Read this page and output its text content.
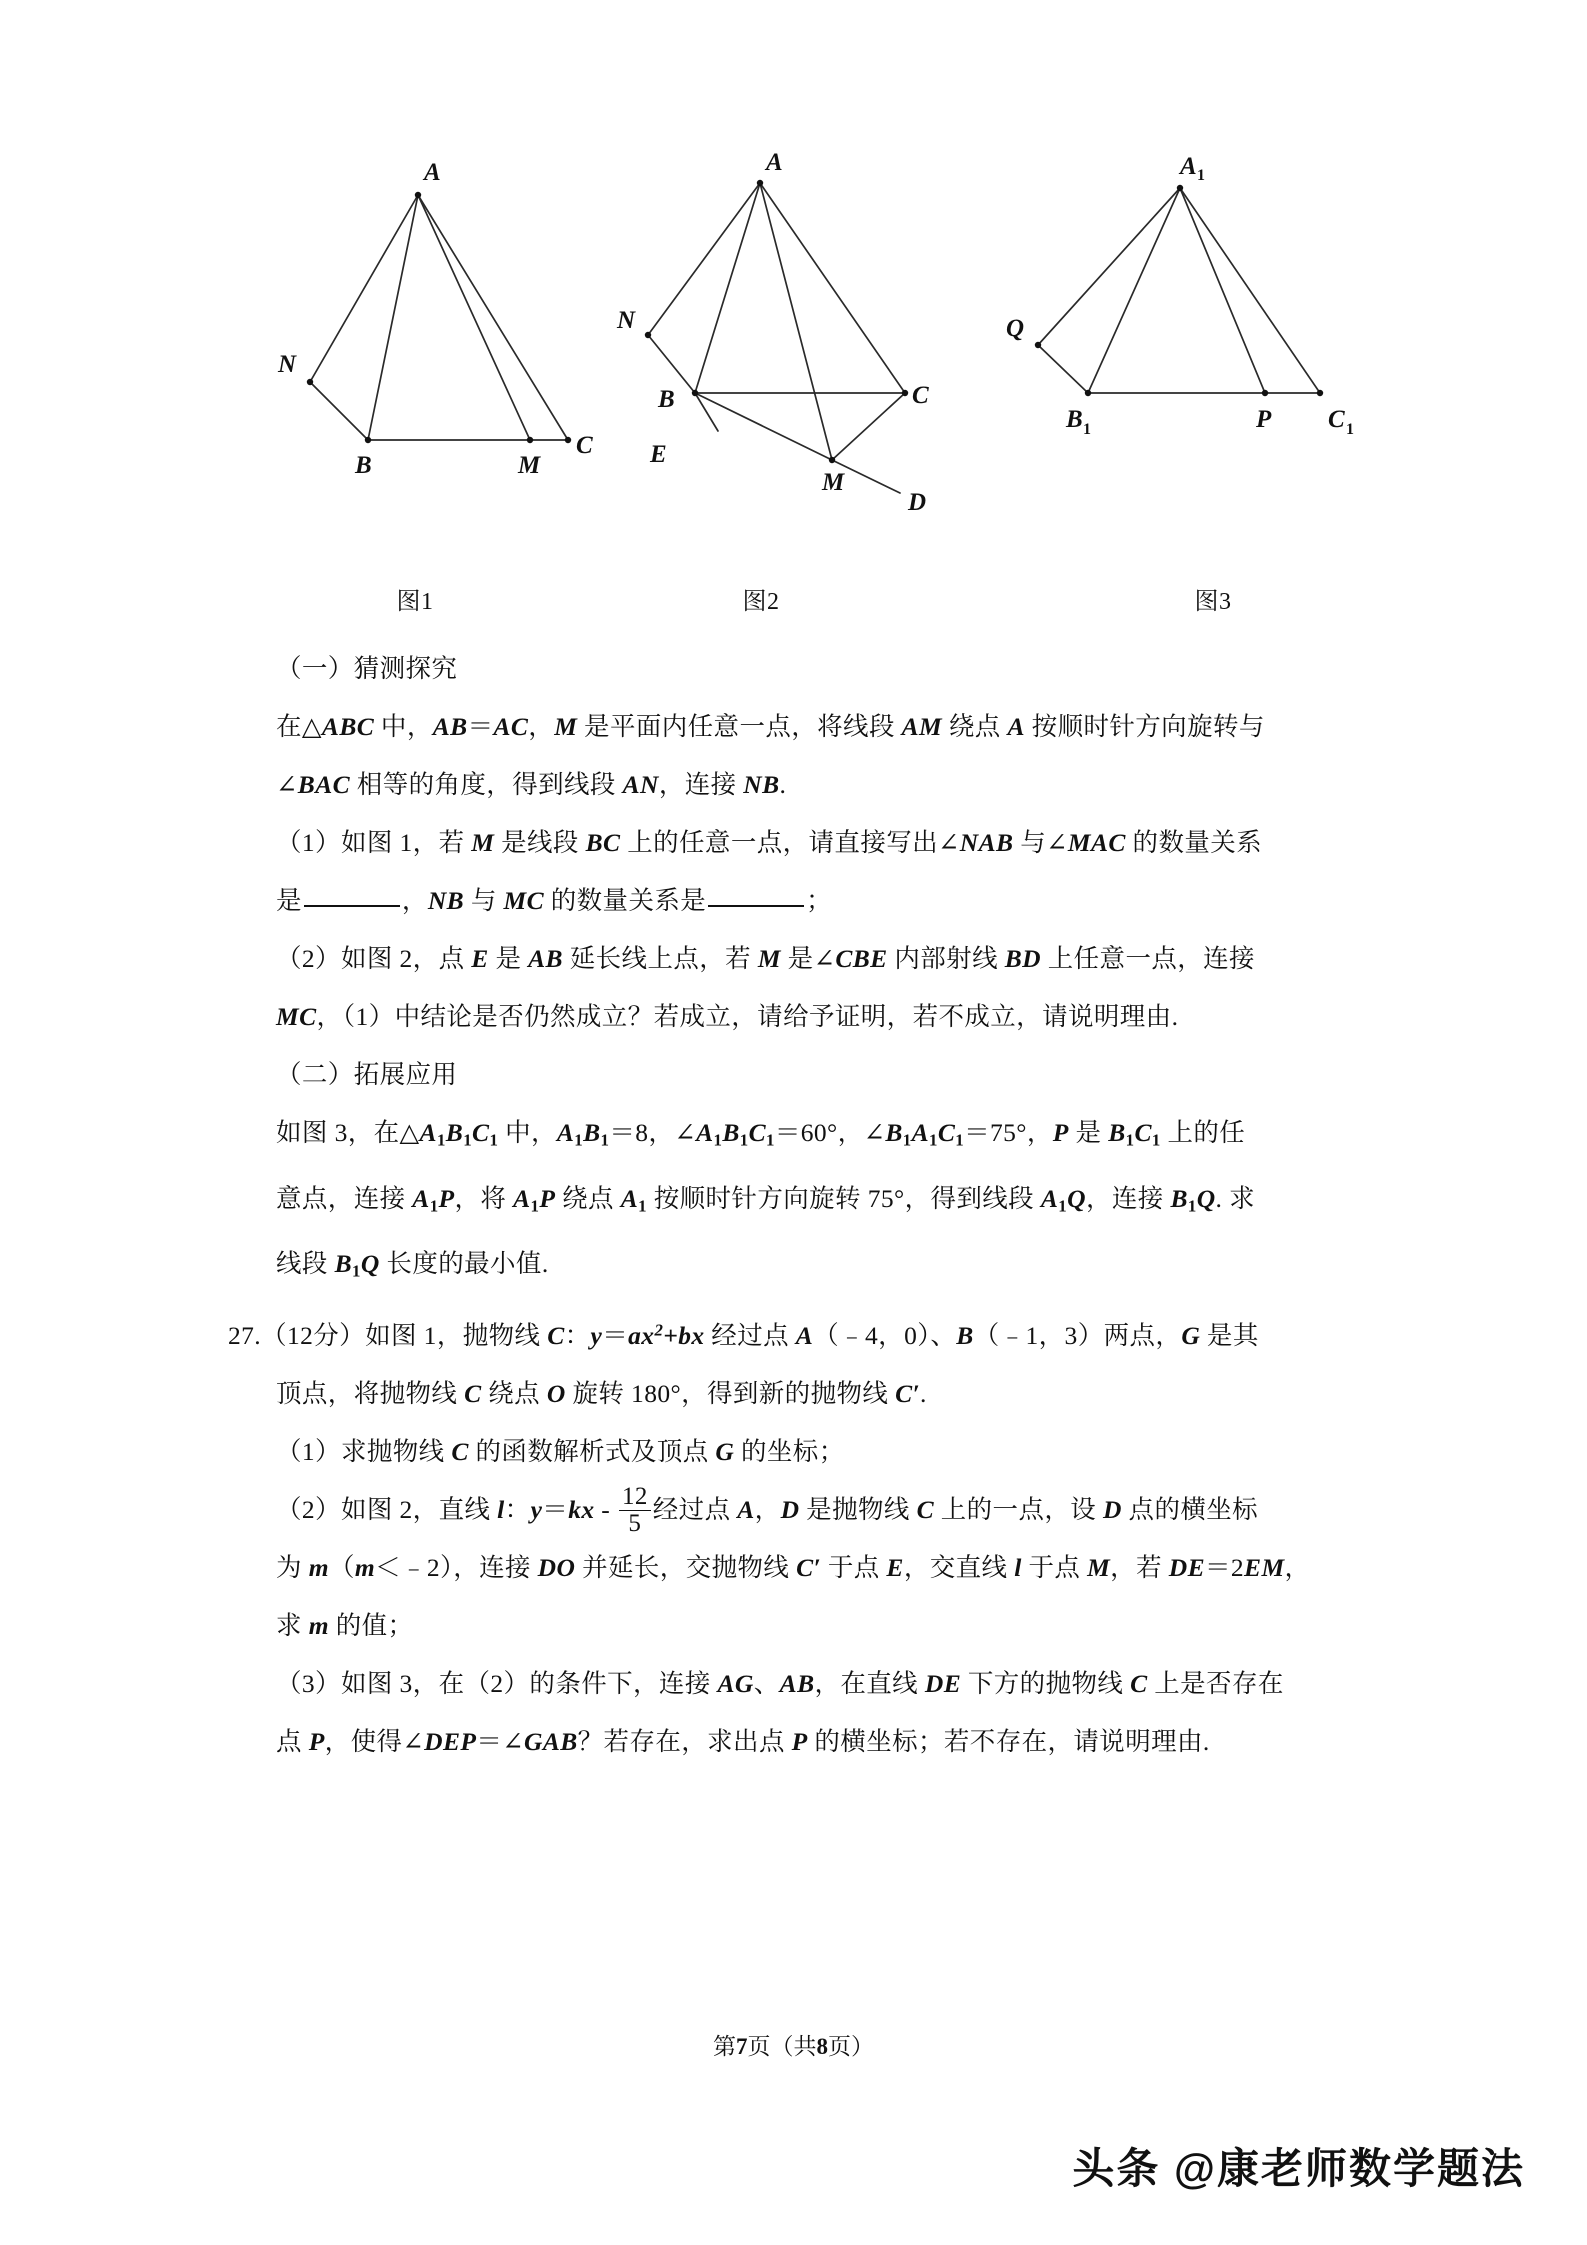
A
B
C
M
N
图1
A
B	C
M
N
E
D
图2
A 1
B 1	C 1
P
Q
图3
（一）猜测探究
在△ABC 中，AB＝AC，M 是平面内任意一点，将线段 AM 绕点 A 按顺时针方向旋转与
∠BAC 相等的角度，得到线段 AN，连接 NB.
（1）如图 1，若 M 是线段 BC 上的任意一点，请直接写出∠NAB 与∠MAC 的数量关系
是	，NB 与 MC 的数量关系是	；
（2）如图 2，点 E 是 AB 延长线上点，若 M 是∠CBE 内部射线 BD 上任意一点，连接
MC，（1）中结论是否仍然成立？若成立，请给予证明，若不成立，请说明理由.
（二）拓展应用
如图 3，在$\triangle A_1B_1C_1$ 中，$A_1B_1=8$，$\angle A_1B_1C_1=60^\circ$，$\angle B_1A_1C_1=75^\circ$，P 是 $B_1C_1$ 上的任
意点，连接 $A_1P$，将 $A_1P$ 绕点 $A_1$ 按顺时针方向旋转 75°，得到线段 $A_1Q$，连接 $B_1Q$. 求
线段 $B_1Q$ 长度的最小值.
27.（12分）如图 1，抛物线 C：$y=ax^2+bx$ 经过点 A（﹣4，0）、B（﹣1，3）两点，G 是其
顶点，将抛物线 C 绕点 O 旋转 180°，得到新的抛物线 C′.
（1）求抛物线 C 的函数解析式及顶点 G 的坐标；
（2）如图 2，直线 l：$y=kx - \frac{12}{5}$ 经过点 A，D 是抛物线 C 上的一点，设 D 点的横坐标
为 m（m＜﹣2），连接 DO 并延长，交抛物线 C′ 于点 E，交直线 l 于点 M，若 DE＝2EM，
求 m 的值；
（3）如图 3，在（2）的条件下，连接 AG、AB，在直线 DE 下方的抛物线 C 上是否存在
点 P，使得∠DEP＝∠GAB？若存在，求出点 P 的横坐标；若不存在，请说明理由.
第7页（共8页）
头条 @康老师数学题法
